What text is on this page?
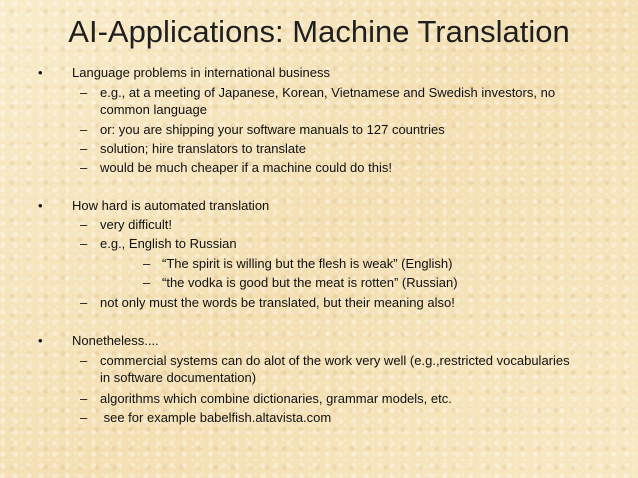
AI-Applications: Machine Translation
• Language problems in international business
– e.g., at a meeting of Japanese, Korean, Vietnamese and Swedish investors, no
common language
– or: you are shipping your software manuals to 127 countries
– solution; hire translators to translate
– would be much cheaper if a machine could do this!
• How hard is automated translation
– very difficult!
– e.g., English to Russian
– “The spirit is willing but the flesh is weak” (English)
– “the vodka is good but the meat is rotten” (Russian)
– not only must the words be translated, but their meaning also!
• Nonetheless....
– commercial systems can do alot of the work very well (e.g.,restricted vocabularies
in software documentation)
– algorithms which combine dictionaries, grammar models, etc.
– see for example babelfish.altavista.com
